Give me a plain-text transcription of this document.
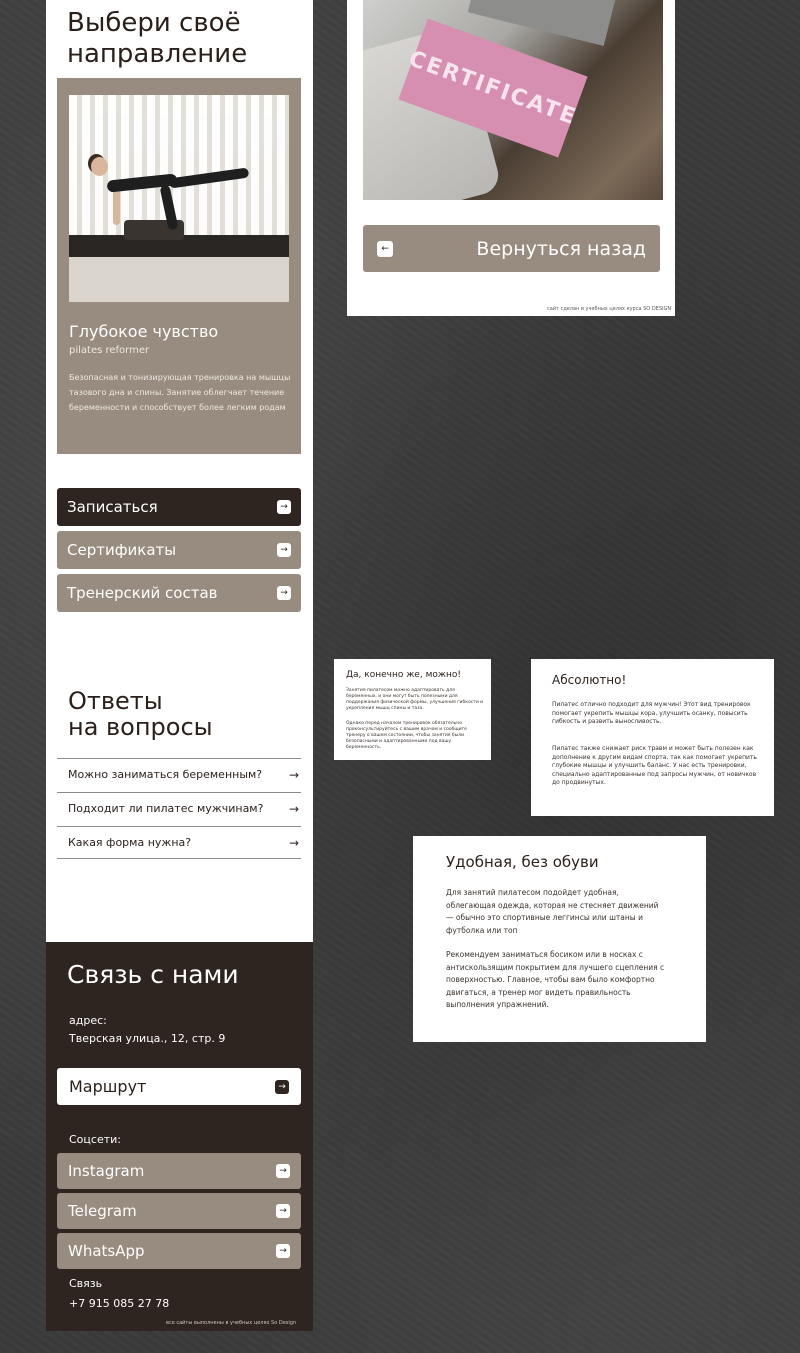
Выбери своё
направление
Глубокое чувство
pilates reformer
Безопасная и тонизирующая тренировка на мышцы тазового дна и спины. Занятие облегчает течение беременности и способствует более легким родам
Записаться	→
Сертификаты	→
Тренерский состав	→
Ответы
на вопросы
Можно заниматься беременным? →
Подходит ли пилатес мужчинам? →
Какая форма нужна?	→
Связь с нами
адрес:
Тверская улица., 12, стр. 9
Маршрут	→
Соцсети:
Instagram	→
Telegram	→
WhatsApp	→
Связь
+7 915 085 27 78
все сайты выполнены в учебных целях So Design
CERTIFICATE
←	Вернуться назад
сайт сделан в учебных целях курса SO DESIGN
Да, конечно же, можно!
Занятия пилатесом можно адаптировать для беременных, и они могут быть полезными для поддержания физической формы, улучшения гибкости и укрепления мышц спины и таза.
Однако перед началом тренировок обязательно проконсультируйтесь с вашим врачом и сообщите тренеру о вашем состоянии, чтобы занятия были безопасными и адаптированными под вашу беременность.
Абсолютно!
Пилатес отлично подходит для мужчин! Этот вид тренировок помогает укрепить мышцы кора, улучшить осанку, повысить гибкость и развить выносливость.
Пилатес также снижает риск травм и может быть полезен как дополнение к другим видам спорта, так как помогает укрепить глубокие мышцы и улучшить баланс. У нас есть тренировки, специально адаптированные под запросы мужчин, от новичков до продвинутых.
Удобная, без обуви
Для занятий пилатесом подойдет удобная, облегающая одежда, которая не стесняет движений — обычно это спортивные леггинсы или штаны и футболка или топ
Рекомендуем заниматься босиком или в носках с антискользящим покрытием для лучшего сцепления с поверхностью. Главное, чтобы вам было комфортно двигаться, а тренер мог видеть правильность выполнения упражнений.
